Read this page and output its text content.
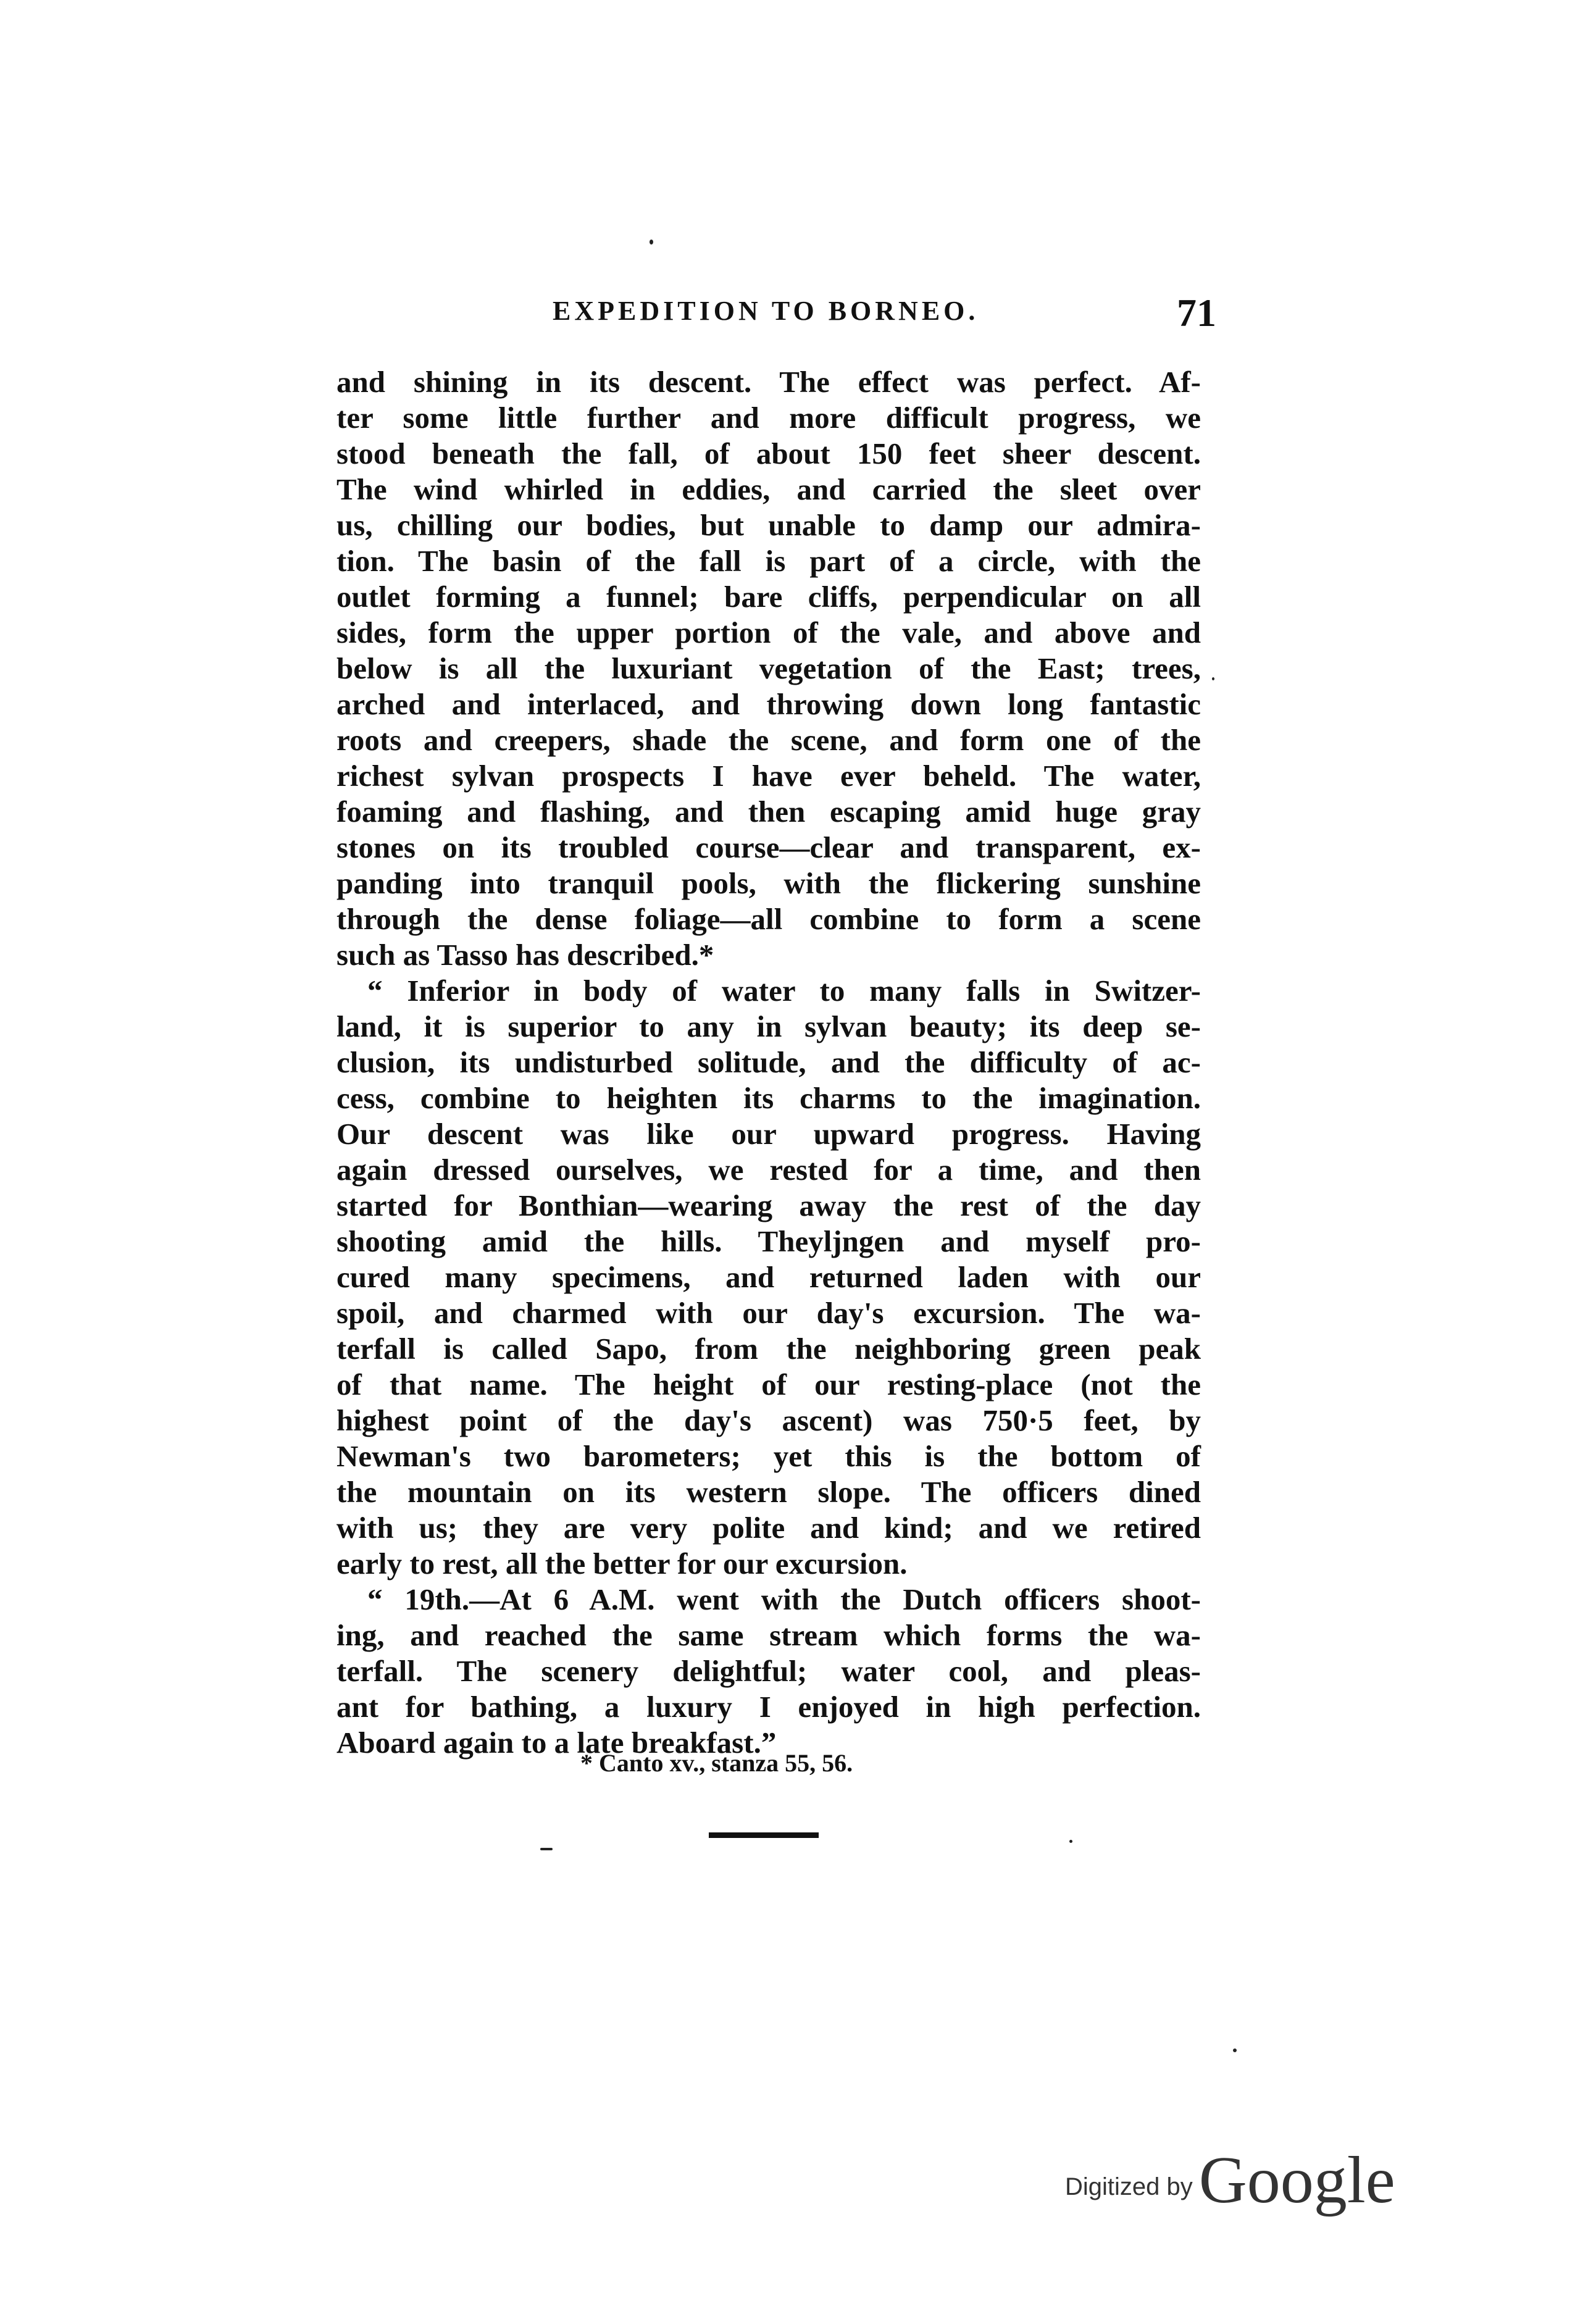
EXPEDITION TO BORNEO.	71
and shining in its descent. The effect was perfect. Af-
ter some little further and more difficult progress, we
stood beneath the fall, of about 150 feet sheer descent.
The wind whirled in eddies, and carried the sleet over
us, chilling our bodies, but unable to damp our admira-
tion. The basin of the fall is part of a circle, with the
outlet forming a funnel; bare cliffs, perpendicular on all
sides, form the upper portion of the vale, and above and
below is all the luxuriant vegetation of the East; trees,
arched and interlaced, and throwing down long fantastic
roots and creepers, shade the scene, and form one of the
richest sylvan prospects I have ever beheld. The water,
foaming and flashing, and then escaping amid huge gray
stones on its troubled course—clear and transparent, ex-
panding into tranquil pools, with the flickering sunshine
through the dense foliage—all combine to form a scene
such as Tasso has described.*
“ Inferior in body of water to many falls in Switzer-
land, it is superior to any in sylvan beauty; its deep se-
clusion, its undisturbed solitude, and the difficulty of ac-
cess, combine to heighten its charms to the imagination.
Our descent was like our upward progress. Having
again dressed ourselves, we rested for a time, and then
started for Bonthian—wearing away the rest of the day
shooting amid the hills. Theyljngen and myself pro-
cured many specimens, and returned laden with our
spoil, and charmed with our day's excursion. The wa-
terfall is called Sapo, from the neighboring green peak
of that name. The height of our resting-place (not the
highest point of the day's ascent) was 750·5 feet, by
Newman's two barometers; yet this is the bottom of
the mountain on its western slope. The officers dined
with us; they are very polite and kind; and we retired
early to rest, all the better for our excursion.
“ 19th.—At 6 A.M. went with the Dutch officers shoot-
ing, and reached the same stream which forms the wa-
terfall. The scenery delightful; water cool, and pleas-
ant for bathing, a luxury I enjoyed in high perfection.
Aboard again to a late breakfast.”
* Canto xv., stanza 55, 56.
Digitized by Google
